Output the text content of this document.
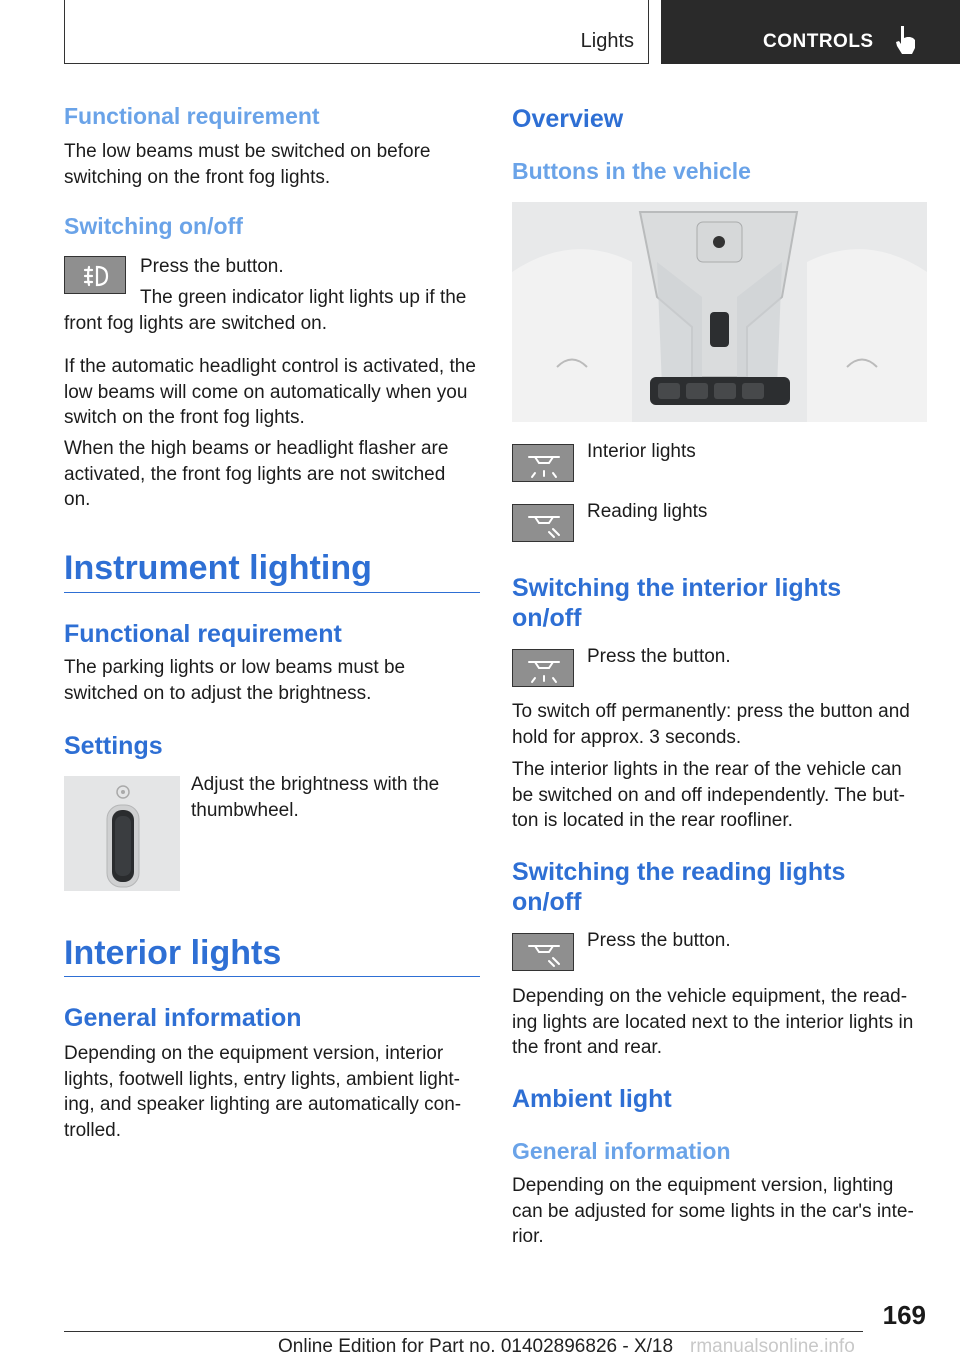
Lights	CONTROLS
Functional requirement

The low beams must be switched on before switching on the front fog lights.

Switching on/off

Press the button.

The green indicator light lights up if the front fog lights are switched on.

If the automatic headlight control is activated, the low beams will come on automatically when you switch on the front fog lights.

When the high beams or headlight flasher are activated, the front fog lights are not switched on.

Instrument lighting
Functional requirement

The parking lights or low beams must be switched on to adjust the brightness.

Settings

Adjust the brightness with the thumbwheel.

Interior lights
General information

Depending on the equipment version, interior lights, footwell lights, entry lights, ambient light- ing, and speaker lighting are automatically con- trolled.

Overview
Buttons in the vehicle

Interior lights

Reading lights

Switching the interior lights on/off

Press the button.

To switch off permanently: press the button and hold for approx. 3 seconds.

The interior lights in the rear of the vehicle can be switched on and off independently. The but- ton is located in the rear roofliner.

Switching the reading lights on/off

Press the button.

Depending on the vehicle equipment, the read- ing lights are located next to the interior lights in the front and rear.

Ambient light
General information

Depending on the equipment version, lighting can be adjusted for some lights in the car's inte- rior.

169
Online Edition for Part no. 01402896826 - X/18 rmanualsonline.info
